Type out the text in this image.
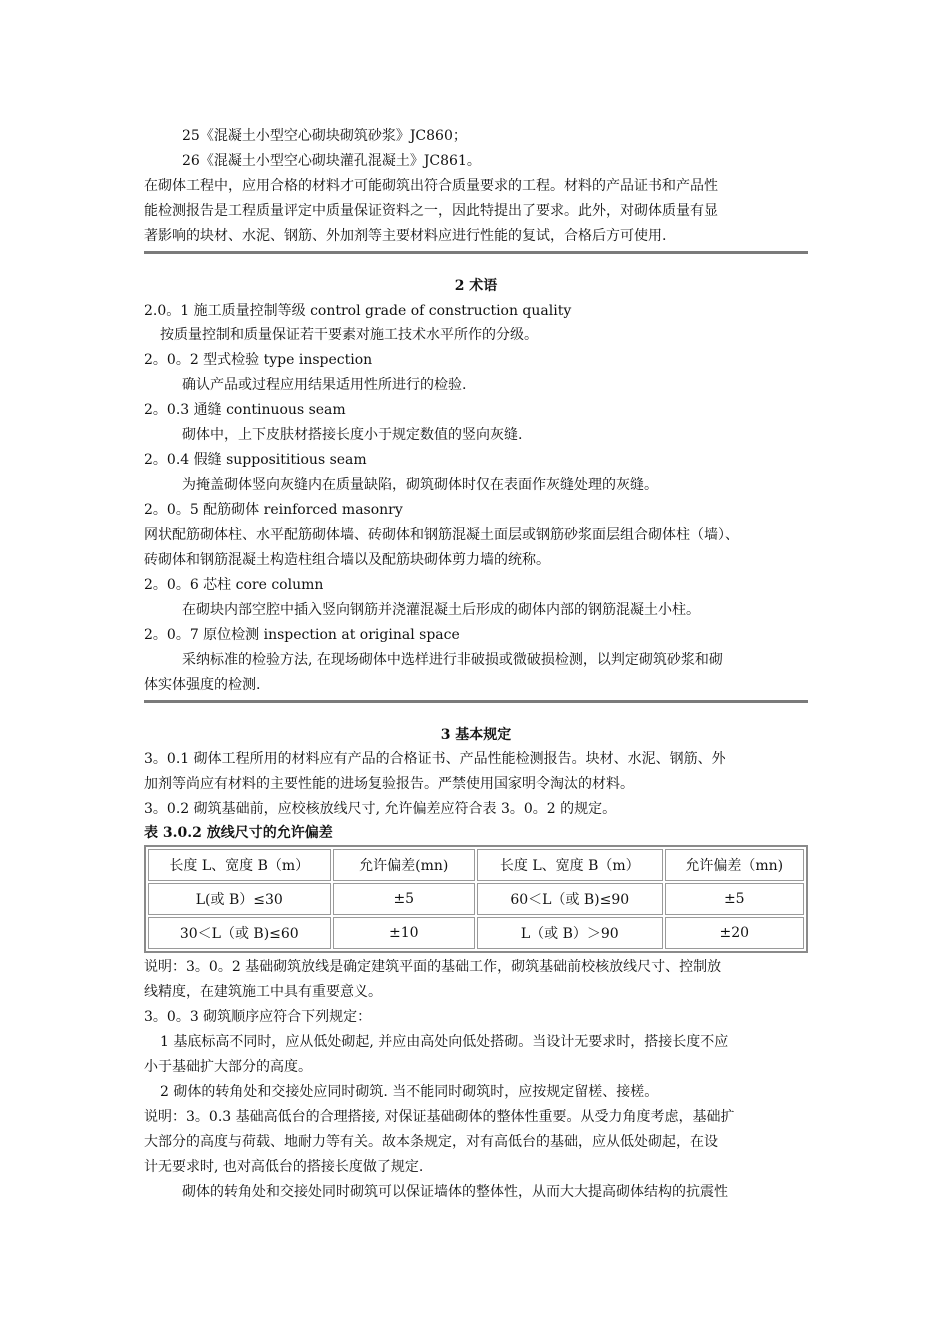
25《混凝土小型空心砌块砌筑砂浆》JC860；
26《混凝土小型空心砌块灌孔混凝土》JC861。
在砌体工程中，应用合格的材料才可能砌筑出符合质量要求的工程。材料的产品证书和产品性
能检测报告是工程质量评定中质量保证资料之一，因此特提出了要求。此外，对砌体质量有显
著影响的块材、水泥、钢筋、外加剂等主要材料应进行性能的复试，合格后方可使用.
2 术语
2.0。1 施工质量控制等级 control grade of construction quality
按质量控制和质量保证若干要素对施工技术水平所作的分级。
2。0。2 型式检验 type inspection
确认产品或过程应用结果适用性所进行的检验.
2。0.3 通缝 continuous seam
砌体中，上下皮肤材搭接长度小于规定数值的竖向灰缝.
2。0.4 假缝 supposititious seam
为掩盖砌体竖向灰缝内在质量缺陷，砌筑砌体时仅在表面作灰缝处理的灰缝。
2。0。5 配筋砌体 reinforced masonry
网状配筋砌体柱、水平配筋砌体墙、砖砌体和钢筋混凝土面层或钢筋砂浆面层组合砌体柱（墙）、
砖砌体和钢筋混凝土构造柱组合墙以及配筋块砌体剪力墙的统称。
2。0。6 芯柱 core column
在砌块内部空腔中插入竖向钢筋并浇灌混凝土后形成的砌体内部的钢筋混凝土小柱。
2。0。7 原位检测 inspection at original space
采纳标准的检验方法, 在现场砌体中选样进行非破损或微破损检测，以判定砌筑砂浆和砌
体实体强度的检测.
3 基本规定
3。0.1 砌体工程所用的材料应有产品的合格证书、产品性能检测报告。块材、水泥、钢筋、外
加剂等尚应有材料的主要性能的进场复验报告。严禁使用国家明令淘汰的材料。
3。0.2 砌筑基础前，应校核放线尺寸, 允许偏差应符合表 3。0。2 的规定。
表 3.0.2 放线尺寸的允许偏差
长度 L、宽度 B（m）	允许偏差(mn)	长度 L、宽度 B（m）	允许偏差（mn)
L(或 B）≤30	±5	60＜L（或 B)≤90	±5
30＜L（或 B)≤60	±10	L（或 B）＞90	±20
说明：3。0。2 基础砌筑放线是确定建筑平面的基础工作，砌筑基础前校核放线尺寸、控制放
线精度，在建筑施工中具有重要意义。
3。0。3 砌筑顺序应符合下列规定：
1 基底标高不同时，应从低处砌起, 并应由高处向低处搭砌。当设计无要求时，搭接长度不应
小于基础扩大部分的高度。
2 砌体的转角处和交接处应同时砌筑. 当不能同时砌筑时，应按规定留槎、接槎。
说明：3。0.3 基础高低台的合理搭接, 对保证基础砌体的整体性重要。从受力角度考虑，基础扩
大部分的高度与荷载、地耐力等有关。故本条规定，对有高低台的基础，应从低处砌起，在设
计无要求时, 也对高低台的搭接长度做了规定.
砌体的转角处和交接处同时砌筑可以保证墙体的整体性，从而大大提高砌体结构的抗震性
